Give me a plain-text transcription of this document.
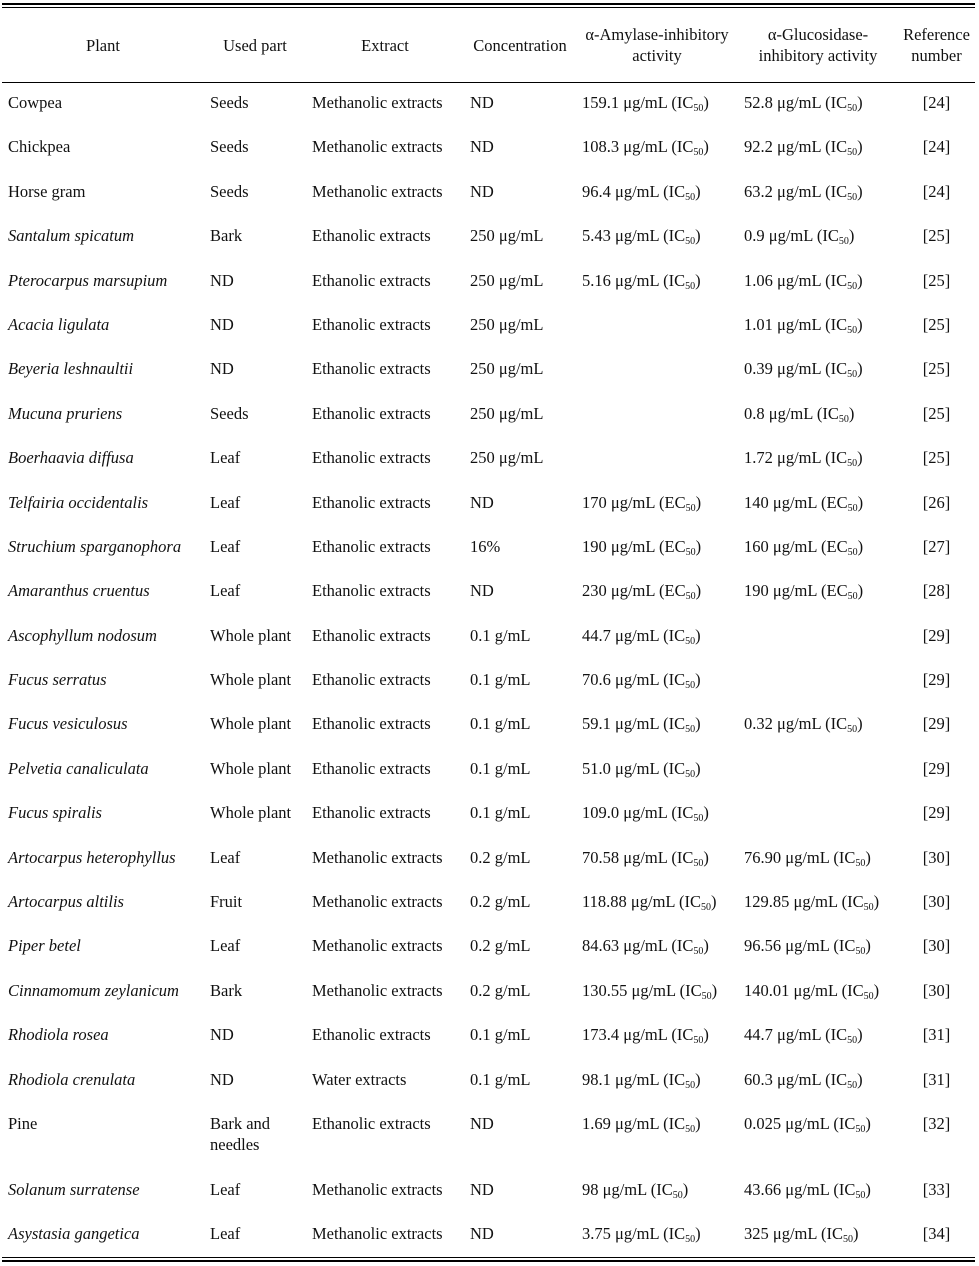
Plant	Used part	Extract	Concentration	α-Amylase-inhibitory activity	α-Glucosidase-inhibitory activity	Reference number
Cowpea	Seeds	Methanolic extracts	ND	159.1 μg/mL $(IC_{50})$	52.8 μg/mL $(IC_{50})$	[24]
Chickpea	Seeds	Methanolic extracts	ND	108.3 μg/mL $(IC_{50})$	92.2 μg/mL $(IC_{50})$	[24]
Horse gram	Seeds	Methanolic extracts	ND	96.4 μg/mL $(IC_{50})$	63.2 μg/mL $(IC_{50})$	[24]
Santalum spicatum	Bark	Ethanolic extracts	250 μg/mL	5.43 μg/mL $(IC_{50})$	0.9 μg/mL $(IC_{50})$	[25]
Pterocarpus marsupium	ND	Ethanolic extracts	250 μg/mL	5.16 μg/mL $(IC_{50})$	1.06 μg/mL $(IC_{50})$	[25]
Acacia ligulata	ND	Ethanolic extracts	250 μg/mL		1.01 μg/mL $(IC_{50})$	[25]
Beyeria leshnaultii	ND	Ethanolic extracts	250 μg/mL		0.39 μg/mL $(IC_{50})$	[25]
Mucuna pruriens	Seeds	Ethanolic extracts	250 μg/mL		0.8 μg/mL $(IC_{50})$	[25]
Boerhaavia diffusa	Leaf	Ethanolic extracts	250 μg/mL		1.72 μg/mL $(IC_{50})$	[25]
Telfairia occidentalis	Leaf	Ethanolic extracts	ND	170 μg/mL $(EC_{50})$	140 μg/mL $(EC_{50})$	[26]
Struchium sparganophora	Leaf	Ethanolic extracts	16%	190 μg/mL $(EC_{50})$	160 μg/mL $(EC_{50})$	[27]
Amaranthus cruentus	Leaf	Ethanolic extracts	ND	230 μg/mL $(EC_{50})$	190 μg/mL $(EC_{50})$	[28]
Ascophyllum nodosum	Whole plant	Ethanolic extracts	0.1 g/mL	44.7 μg/mL $(IC_{50})$		[29]
Fucus serratus	Whole plant	Ethanolic extracts	0.1 g/mL	70.6 μg/mL $(IC_{50})$		[29]
Fucus vesiculosus	Whole plant	Ethanolic extracts	0.1 g/mL	59.1 μg/mL $(IC_{50})$	0.32 μg/mL $(IC_{50})$	[29]
Pelvetia canaliculata	Whole plant	Ethanolic extracts	0.1 g/mL	51.0 μg/mL $(IC_{50})$		[29]
Fucus spiralis	Whole plant	Ethanolic extracts	0.1 g/mL	109.0 μg/mL $(IC_{50})$		[29]
Artocarpus heterophyllus	Leaf	Methanolic extracts	0.2 g/mL	70.58 μg/mL $(IC_{50})$	76.90 μg/mL $(IC_{50})$	[30]
Artocarpus altilis	Fruit	Methanolic extracts	0.2 g/mL	118.88 μg/mL $(IC_{50})$	129.85 μg/mL $(IC_{50})$	[30]
Piper betel	Leaf	Methanolic extracts	0.2 g/mL	84.63 μg/mL $(IC_{50})$	96.56 μg/mL $(IC_{50})$	[30]
Cinnamomum zeylanicum	Bark	Methanolic extracts	0.2 g/mL	130.55 μg/mL $(IC_{50})$	140.01 μg/mL $(IC_{50})$	[30]
Rhodiola rosea	ND	Ethanolic extracts	0.1 g/mL	173.4 μg/mL $(IC_{50})$	44.7 μg/mL $(IC_{50})$	[31]
Rhodiola crenulata	ND	Water extracts	0.1 g/mL	98.1 μg/mL $(IC_{50})$	60.3 μg/mL $(IC_{50})$	[31]
Pine	Bark and needles	Ethanolic extracts	ND	1.69 μg/mL $(IC_{50})$	0.025 μg/mL $(IC_{50})$	[32]
Solanum surratense	Leaf	Methanolic extracts	ND	98 μg/mL $(IC_{50})$	43.66 μg/mL $(IC_{50})$	[33]
Asystasia gangetica	Leaf	Methanolic extracts	ND	3.75 μg/mL $(IC_{50})$	325 μg/mL $(IC_{50})$	[34]
